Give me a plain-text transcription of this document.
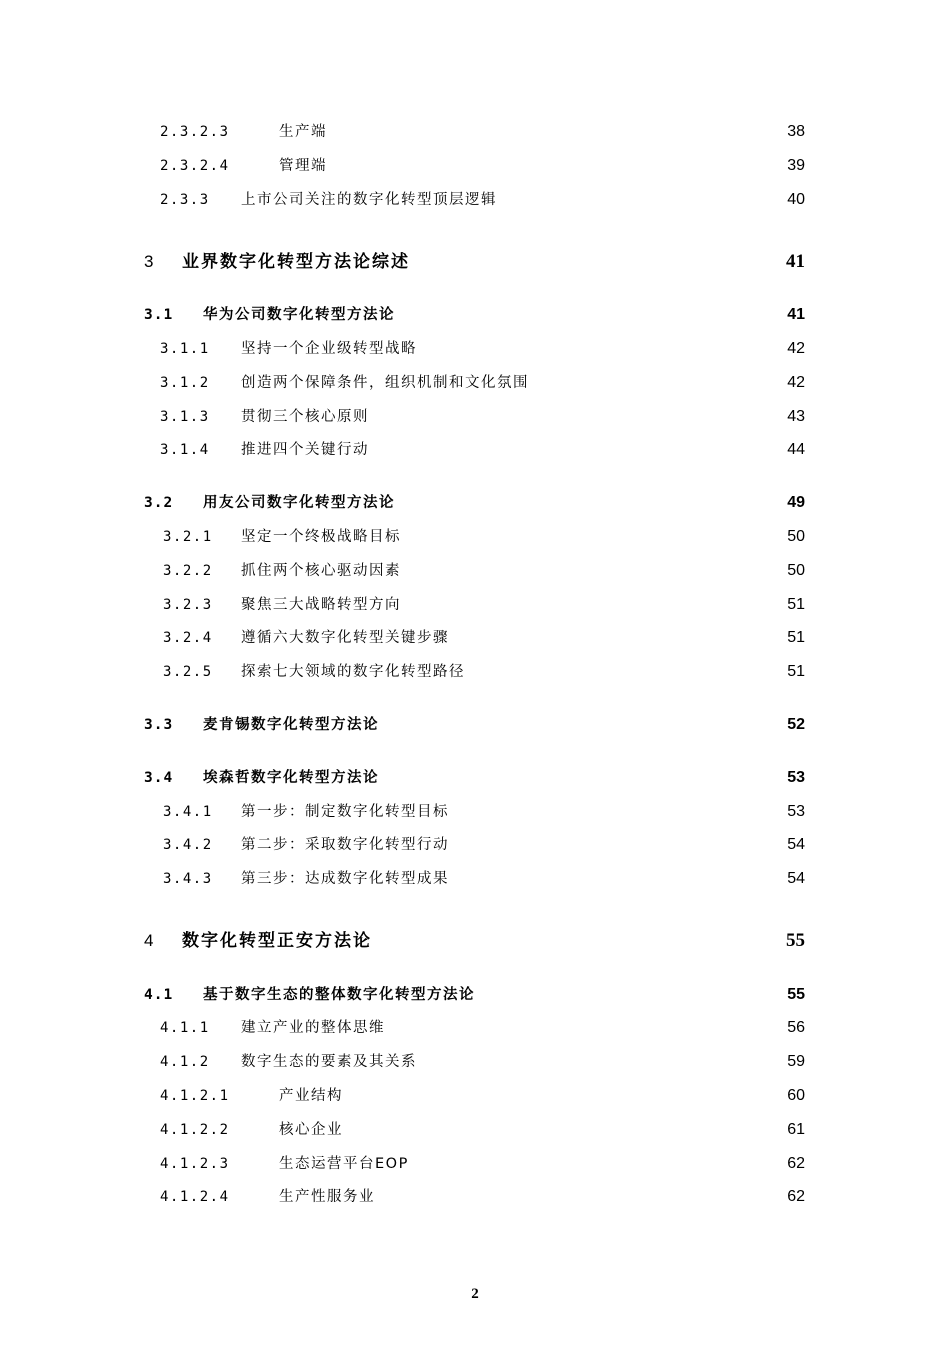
2.3.2.3	生产端	38
2.3.2.4	管理端	39
2.3.3 上市公司关注的数字化转型顶层逻辑	40
3 业界数字化转型方法论综述	41
3.1 华为公司数字化转型方法论	41
3.1.1 坚持一个企业级转型战略	42
3.1.2 创造两个保障条件，组织机制和文化氛围	42
3.1.3 贯彻三个核心原则	43
3.1.4 推进四个关键行动	44
3.2 用友公司数字化转型方法论	49
3.2.1 坚定一个终极战略目标	50
3.2.2 抓住两个核心驱动因素	50
3.2.3 聚焦三大战略转型方向	51
3.2.4 遵循六大数字化转型关键步骤	51
3.2.5 探索七大领域的数字化转型路径	51
3.3 麦肯锡数字化转型方法论	52
3.4 埃森哲数字化转型方法论	53
3.4.1 第一步：制定数字化转型目标	53
3.4.2 第二步：采取数字化转型行动	54
3.4.3 第三步：达成数字化转型成果	54
4 数字化转型正安方法论	55
4.1 基于数字生态的整体数字化转型方法论	55
4.1.1 建立产业的整体思维	56
4.1.2 数字生态的要素及其关系	59
4.1.2.1	产业结构	60
4.1.2.2	核心企业	61
4.1.2.3	生态运营平台EOP	62
4.1.2.4	生产性服务业	62
2
